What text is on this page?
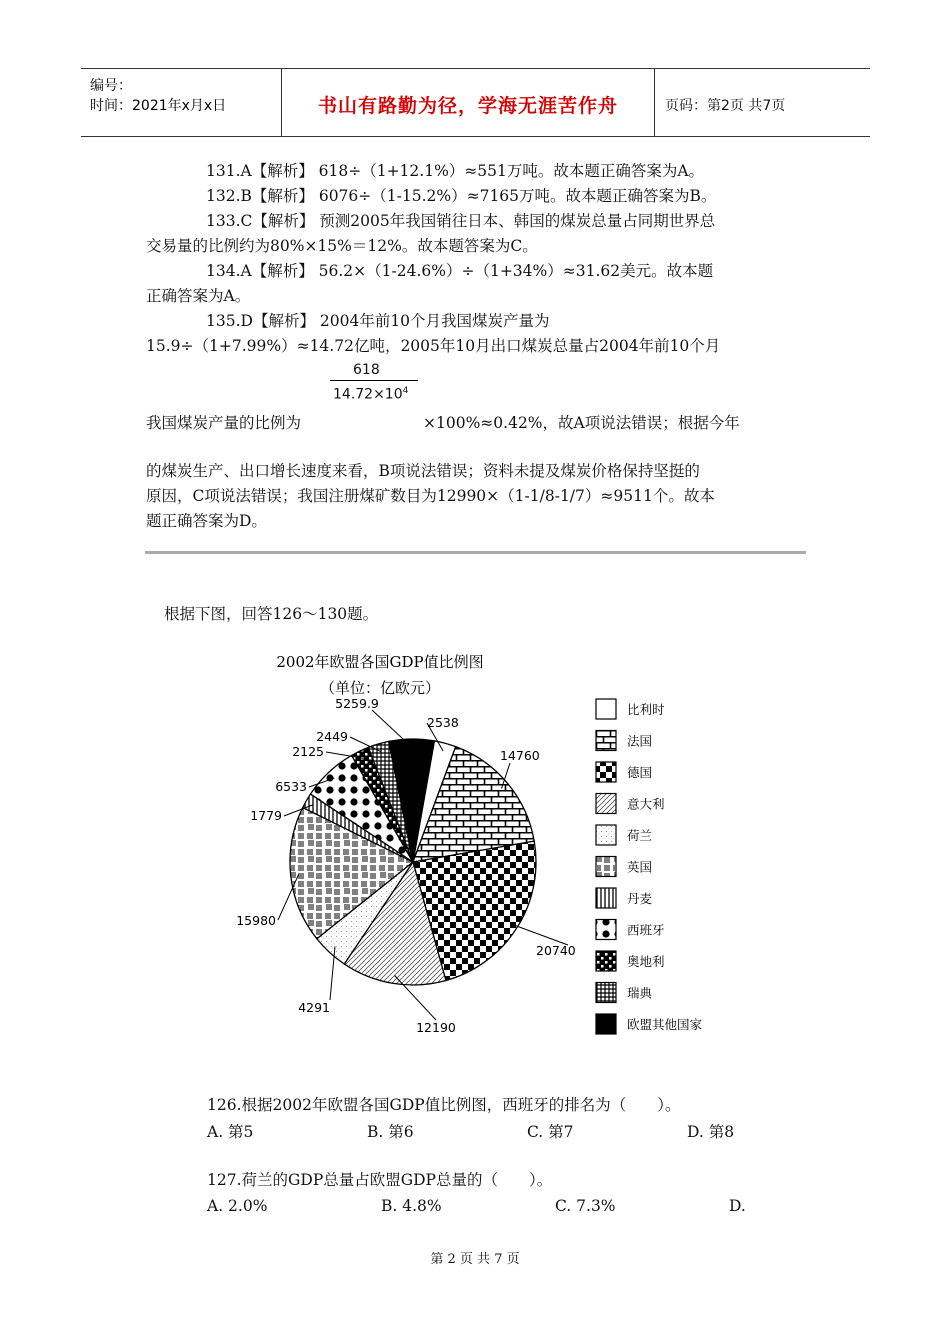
编号：
时间：2021年x月x日	书山有路勤为径，学海无涯苦作舟	页码：第2页 共7页
131.A【解析】 618÷（1+12.1%）≈551万吨。故本题正确答案为A。
132.B【解析】 6076÷（1-15.2%）≈7165万吨。故本题正确答案为B。
133.C【解析】 预测2005年我国销往日本、韩国的煤炭总量占同期世界总
交易量的比例约为80%×15%＝12%。故本题答案为C。
134.A【解析】 56.2×（1-24.6%）÷（1+34%）≈31.62美元。故本题
正确答案为A。
135.D【解析】 2004年前10个月我国煤炭产量为
15.9÷（1+7.99%）≈14.72亿吨，2005年10月出口煤炭总量占2004年前10个月
618
$14.72\times 10^4$
我国煤炭产量的比例为	×100%≈0.42%，故A项说法错误；根据今年
的煤炭生产、出口增长速度来看，B项说法错误；资料未提及煤炭价格保持坚挺的
原因，C项说法错误；我国注册煤矿数目为12990×（1-1/8-1/7）≈9511个。故本
题正确答案为D。
根据下图，回答126～130题。
2002年欧盟各国GDP值比例图
（单位：亿欧元）
2538
14760
20740
12190
4291
15980
1779
6533
2125
2449
5259.9	比利时
法国
德国
意大利
荷兰
英国
丹麦
西班牙
奥地利
瑞典
欧盟其他国家
126.根据2002年欧盟各国GDP值比例图，西班牙的排名为（　　）。
A. 第5	B. 第6	C. 第7	D. 第8
127.荷兰的GDP总量占欧盟GDP总量的（　　）。
A. 2.0%	B. 4.8%	C. 7.3%	D.
第 2 页 共 7 页
